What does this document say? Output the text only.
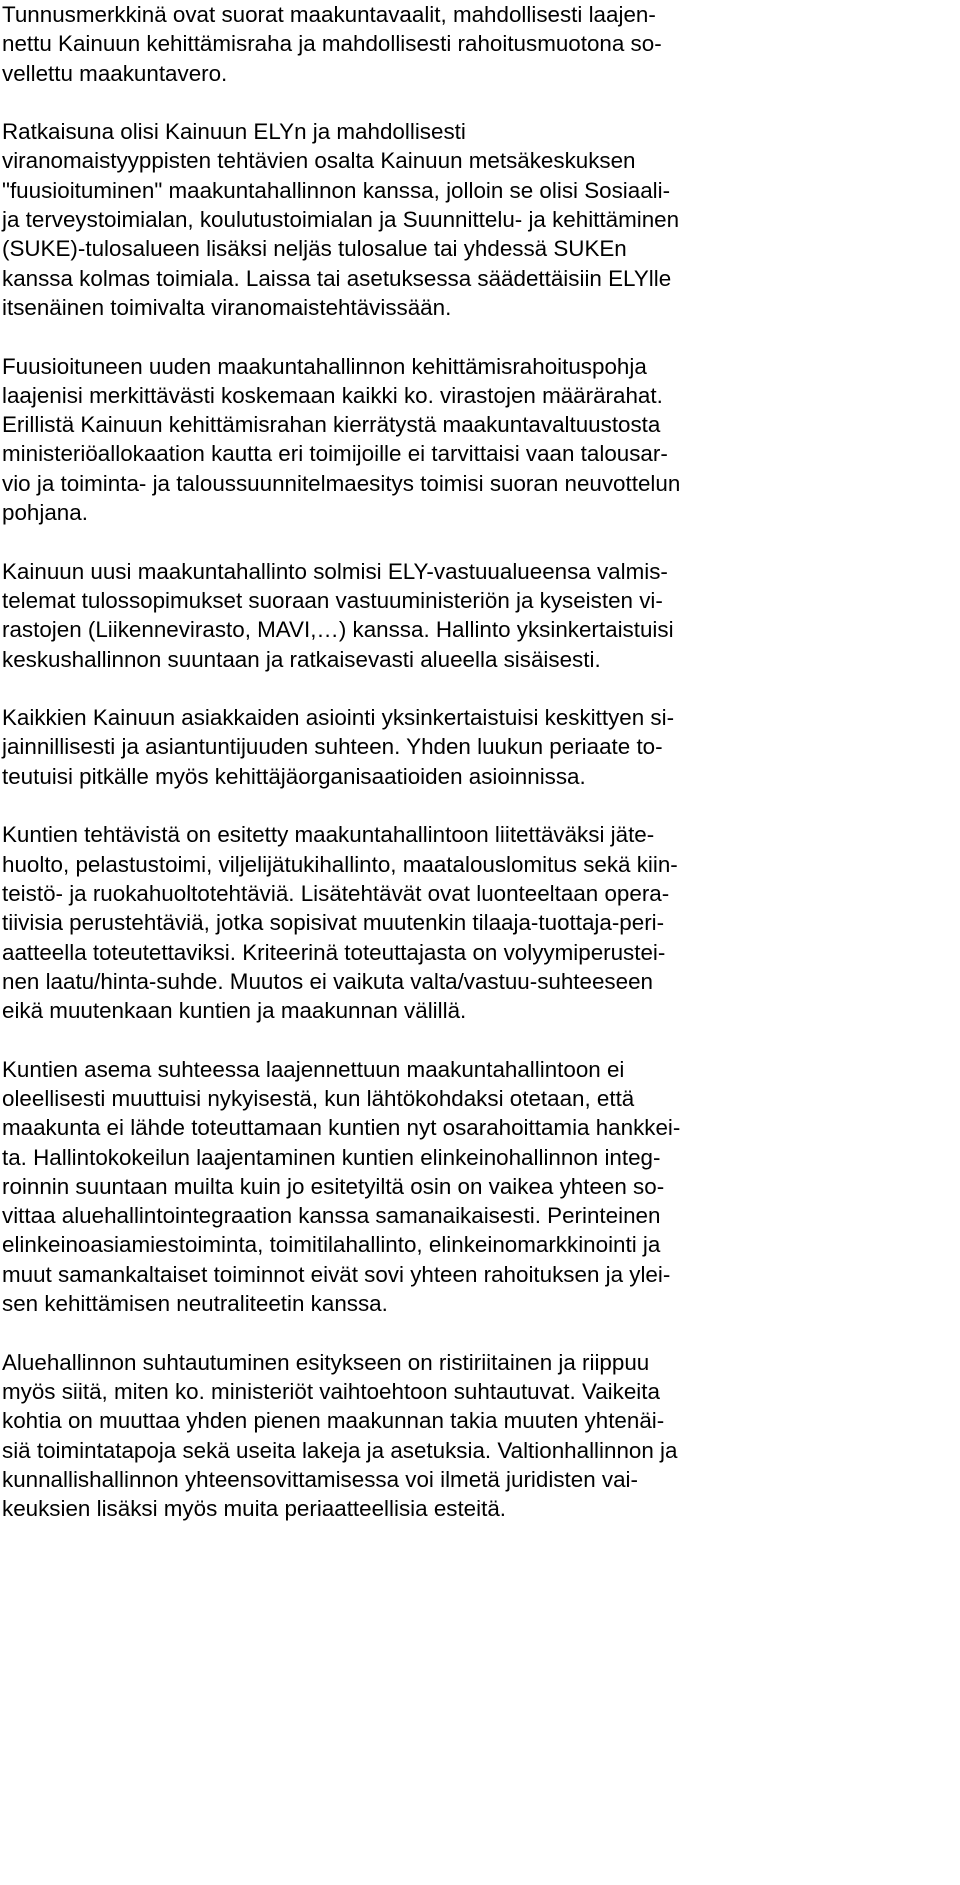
Tunnusmerkkinä ovat suorat maakuntavaalit, mahdollisesti laajen-
nettu Kainuun kehittämisraha ja mahdollisesti rahoitusmuotona so-
vellettu maakuntavero.
Ratkaisuna olisi Kainuun ELYn ja mahdollisesti
viranomaistyyppisten tehtävien osalta Kainuun metsäkeskuksen
"fuusioituminen" maakuntahallinnon kanssa, jolloin se olisi Sosiaali-
ja terveystoimialan, koulutustoimialan ja Suunnittelu- ja kehittäminen
(SUKE)-tulosalueen lisäksi neljäs tulosalue tai yhdessä SUKEn
kanssa kolmas toimiala. Laissa tai asetuksessa säädettäisiin ELYlle
itsenäinen toimivalta viranomaistehtävissään.
Fuusioituneen uuden maakuntahallinnon kehittämisrahoituspohja
laajenisi merkittävästi koskemaan kaikki ko. virastojen määrärahat.
Erillistä Kainuun kehittämisrahan kierrätystä maakuntavaltuustosta
ministeriöallokaation kautta eri toimijoille ei tarvittaisi vaan talousar-
vio ja toiminta- ja taloussuunnitelmaesitys toimisi suoran neuvottelun
pohjana.
Kainuun uusi maakuntahallinto solmisi ELY-vastuualueensa valmis-
telemat tulossopimukset suoraan vastuuministeriön ja kyseisten vi-
rastojen (Liikennevirasto, MAVI,…) kanssa. Hallinto yksinkertaistuisi
keskushallinnon suuntaan ja ratkaisevasti alueella sisäisesti.
Kaikkien Kainuun asiakkaiden asiointi yksinkertaistuisi keskittyen si-
jainnillisesti ja asiantuntijuuden suhteen. Yhden luukun periaate to-
teutuisi pitkälle myös kehittäjäorganisaatioiden asioinnissa.
Kuntien tehtävistä on esitetty maakuntahallintoon liitettäväksi jäte-
huolto, pelastustoimi, viljelijätukihallinto, maatalouslomitus sekä kiin-
teistö- ja ruokahuoltotehtäviä. Lisätehtävät ovat luonteeltaan opera-
tiivisia perustehtäviä, jotka sopisivat muutenkin tilaaja-tuottaja-peri-
aatteella toteutettaviksi. Kriteerinä toteuttajasta on volyymiperustei-
nen laatu/hinta-suhde. Muutos ei vaikuta valta/vastuu-suhteeseen
eikä muutenkaan kuntien ja maakunnan välillä.
Kuntien asema suhteessa laajennettuun maakuntahallintoon ei
oleellisesti muuttuisi nykyisestä, kun lähtökohdaksi otetaan, että
maakunta ei lähde toteuttamaan kuntien nyt osarahoittamia hankkei-
ta. Hallintokokeilun laajentaminen kuntien elinkeinohallinnon integ-
roinnin suuntaan muilta kuin jo esitetyiltä osin on vaikea yhteen so-
vittaa aluehallintointegraation kanssa samanaikaisesti. Perinteinen
elinkeinoasiamiestoiminta, toimitilahallinto, elinkeinomarkkinointi ja
muut samankaltaiset toiminnot eivät sovi yhteen rahoituksen ja ylei-
sen kehittämisen neutraliteetin kanssa.
Aluehallinnon suhtautuminen esitykseen on ristiriitainen ja riippuu
myös siitä, miten ko. ministeriöt vaihtoehtoon suhtautuvat. Vaikeita
kohtia on muuttaa yhden pienen maakunnan takia muuten yhtenäi-
siä toimintatapoja sekä useita lakeja ja asetuksia. Valtionhallinnon ja
kunnallishallinnon yhteensovittamisessa voi ilmetä juridisten vai-
keuksien lisäksi myös muita periaatteellisia esteitä.
